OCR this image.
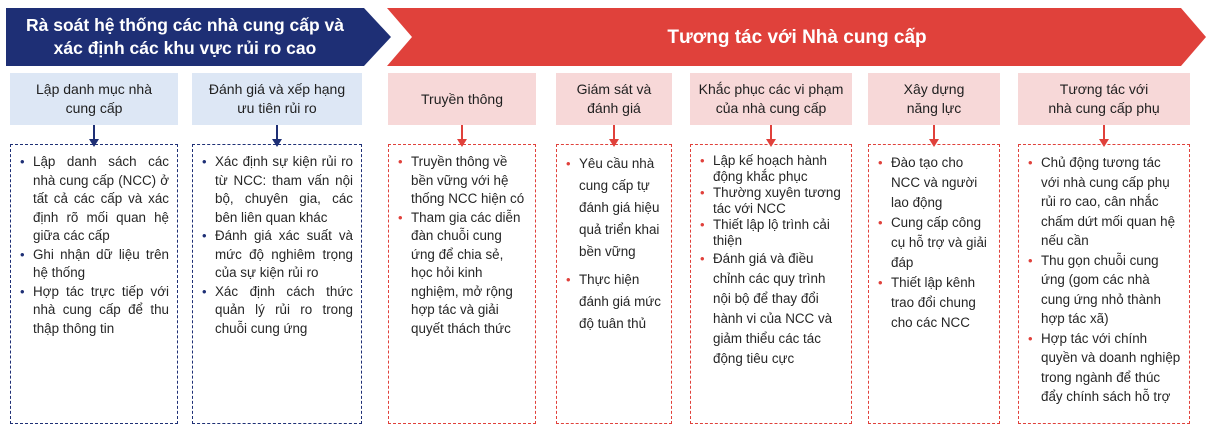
Rà soát hệ thống các nhà cung cấp và
xác định các khu vực rủi ro cao
Tương tác với Nhà cung cấp
Lập danh mục nhà
cung cấp
• Lập danh sách các nhà cung cấp (NCC) ở tất cả các cấp và xác định rõ mối quan hệ giữa các cấp
• Ghi nhận dữ liệu trên hệ thống
• Hợp tác trực tiếp với nhà cung cấp để thu thập thông tin
Đánh giá và xếp hạng
ưu tiên rủi ro
• Xác định sự kiện rủi ro từ NCC: tham vấn nội bộ, chuyên gia, các bên liên quan khác
• Đánh giá xác suất và mức độ nghiêm trọng của sự kiện rủi ro
• Xác định cách thức quản lý rủi ro trong chuỗi cung ứng
Truyền thông
• Truyền thông về bền vững với hệ thống NCC hiện có
• Tham gia các diễn đàn chuỗi cung ứng để chia sẻ, học hỏi kinh nghiệm, mở rộng hợp tác và giải quyết thách thức
Giám sát và
đánh giá
• Yêu cầu nhà cung cấp tự đánh giá hiệu quả triển khai bền vững
• Thực hiện đánh giá mức độ tuân thủ
Khắc phục các vi phạm
của nhà cung cấp
• Lập kế hoạch hành động khắc phục
• Thường xuyên tương tác với NCC
• Thiết lập lộ trình cải thiện
• Đánh giá và điều chỉnh các quy trình nội bộ để thay đổi hành vi của NCC và giảm thiểu các tác động tiêu cực
Xây dựng
năng lực
• Đào tạo cho NCC và người lao động
• Cung cấp công cụ hỗ trợ và giải đáp
• Thiết lập kênh trao đổi chung cho các NCC
Tương tác với
nhà cung cấp phụ
• Chủ động tương tác với nhà cung cấp phụ rủi ro cao, cân nhắc chấm dứt mối quan hệ nếu cần
• Thu gọn chuỗi cung ứng (gom các nhà cung ứng nhỏ thành hợp tác xã)
• Hợp tác với chính quyền và doanh nghiệp trong ngành để thúc đẩy chính sách hỗ trợ
